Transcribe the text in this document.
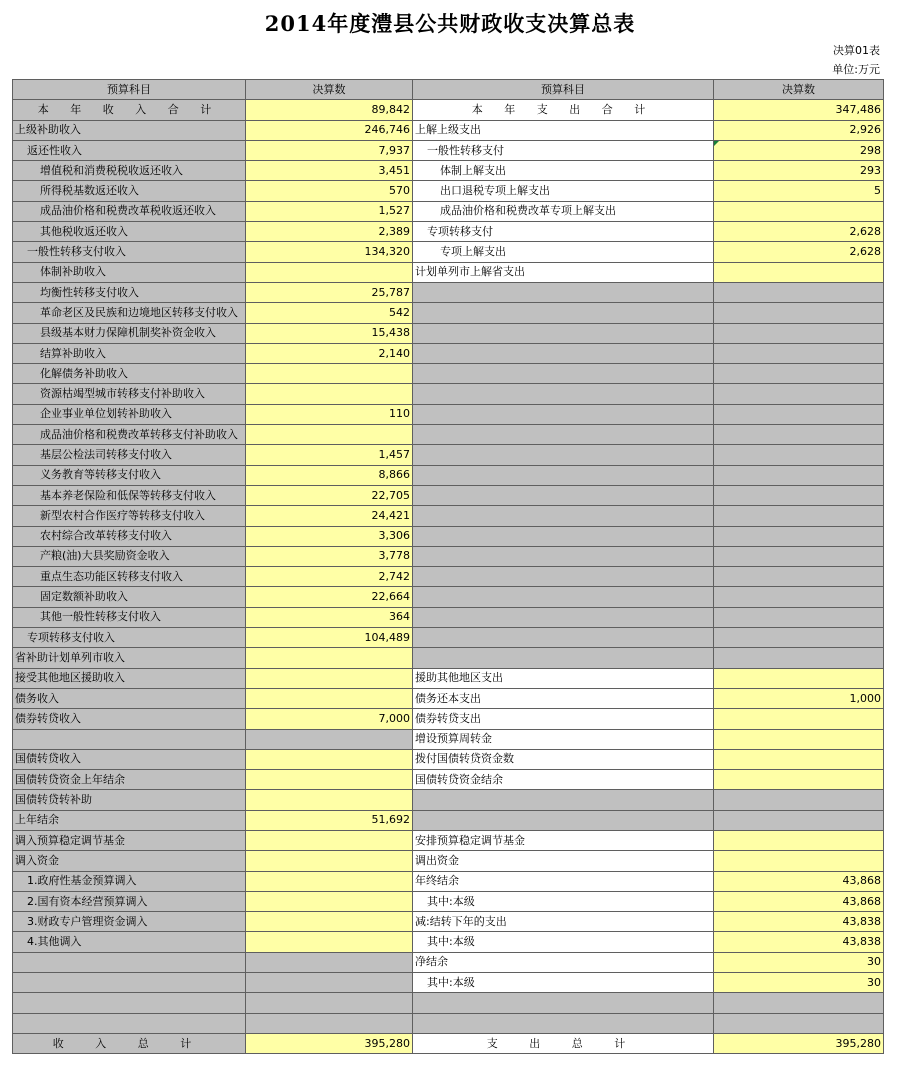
2014年度澧县公共财政收支决算总表
决算01表
单位:万元
预算科目	决算数	预算科目	决算数
本 年 收 入 合 计	89,842	本 年 支 出 合 计	347,486
上级补助收入	246,746	上解上级支出	2,926
返还性收入	7,937	一般性转移支付	298
增值税和消费税税收返还收入	3,451	体制上解支出	293
所得税基数返还收入	570	出口退税专项上解支出	5
成品油价格和税费改革税收返还收入	1,527	成品油价格和税费改革专项上解支出	
其他税收返还收入	2,389	专项转移支付	2,628
一般性转移支付收入	134,320	专项上解支出	2,628
体制补助收入		计划单列市上解省支出	
均衡性转移支付收入	25,787		
革命老区及民族和边境地区转移支付收入	542		
县级基本财力保障机制奖补资金收入	15,438		
结算补助收入	2,140		
化解债务补助收入			
资源枯竭型城市转移支付补助收入			
企业事业单位划转补助收入	110		
成品油价格和税费改革转移支付补助收入			
基层公检法司转移支付收入	1,457		
义务教育等转移支付收入	8,866		
基本养老保险和低保等转移支付收入	22,705		
新型农村合作医疗等转移支付收入	24,421		
农村综合改革转移支付收入	3,306		
产粮(油)大县奖励资金收入	3,778		
重点生态功能区转移支付收入	2,742		
固定数额补助收入	22,664		
其他一般性转移支付收入	364		
专项转移支付收入	104,489		
省补助计划单列市收入			
接受其他地区援助收入		援助其他地区支出	
债务收入		债务还本支出	1,000
债券转贷收入	7,000	债券转贷支出	
		增设预算周转金	
国债转贷收入		拨付国债转贷资金数	
国债转贷资金上年结余		国债转贷资金结余	
国债转贷转补助			
上年结余	51,692		
调入预算稳定调节基金		安排预算稳定调节基金	
调入资金		调出资金	
1.政府性基金预算调入		年终结余	43,868
2.国有资本经营预算调入		其中:本级	43,868
3.财政专户管理资金调入		减:结转下年的支出	43,838
4.其他调入		其中:本级	43,838
		净结余	30
		其中:本级	30

收 入 总 计	395,280	支 出 总 计	395,280
